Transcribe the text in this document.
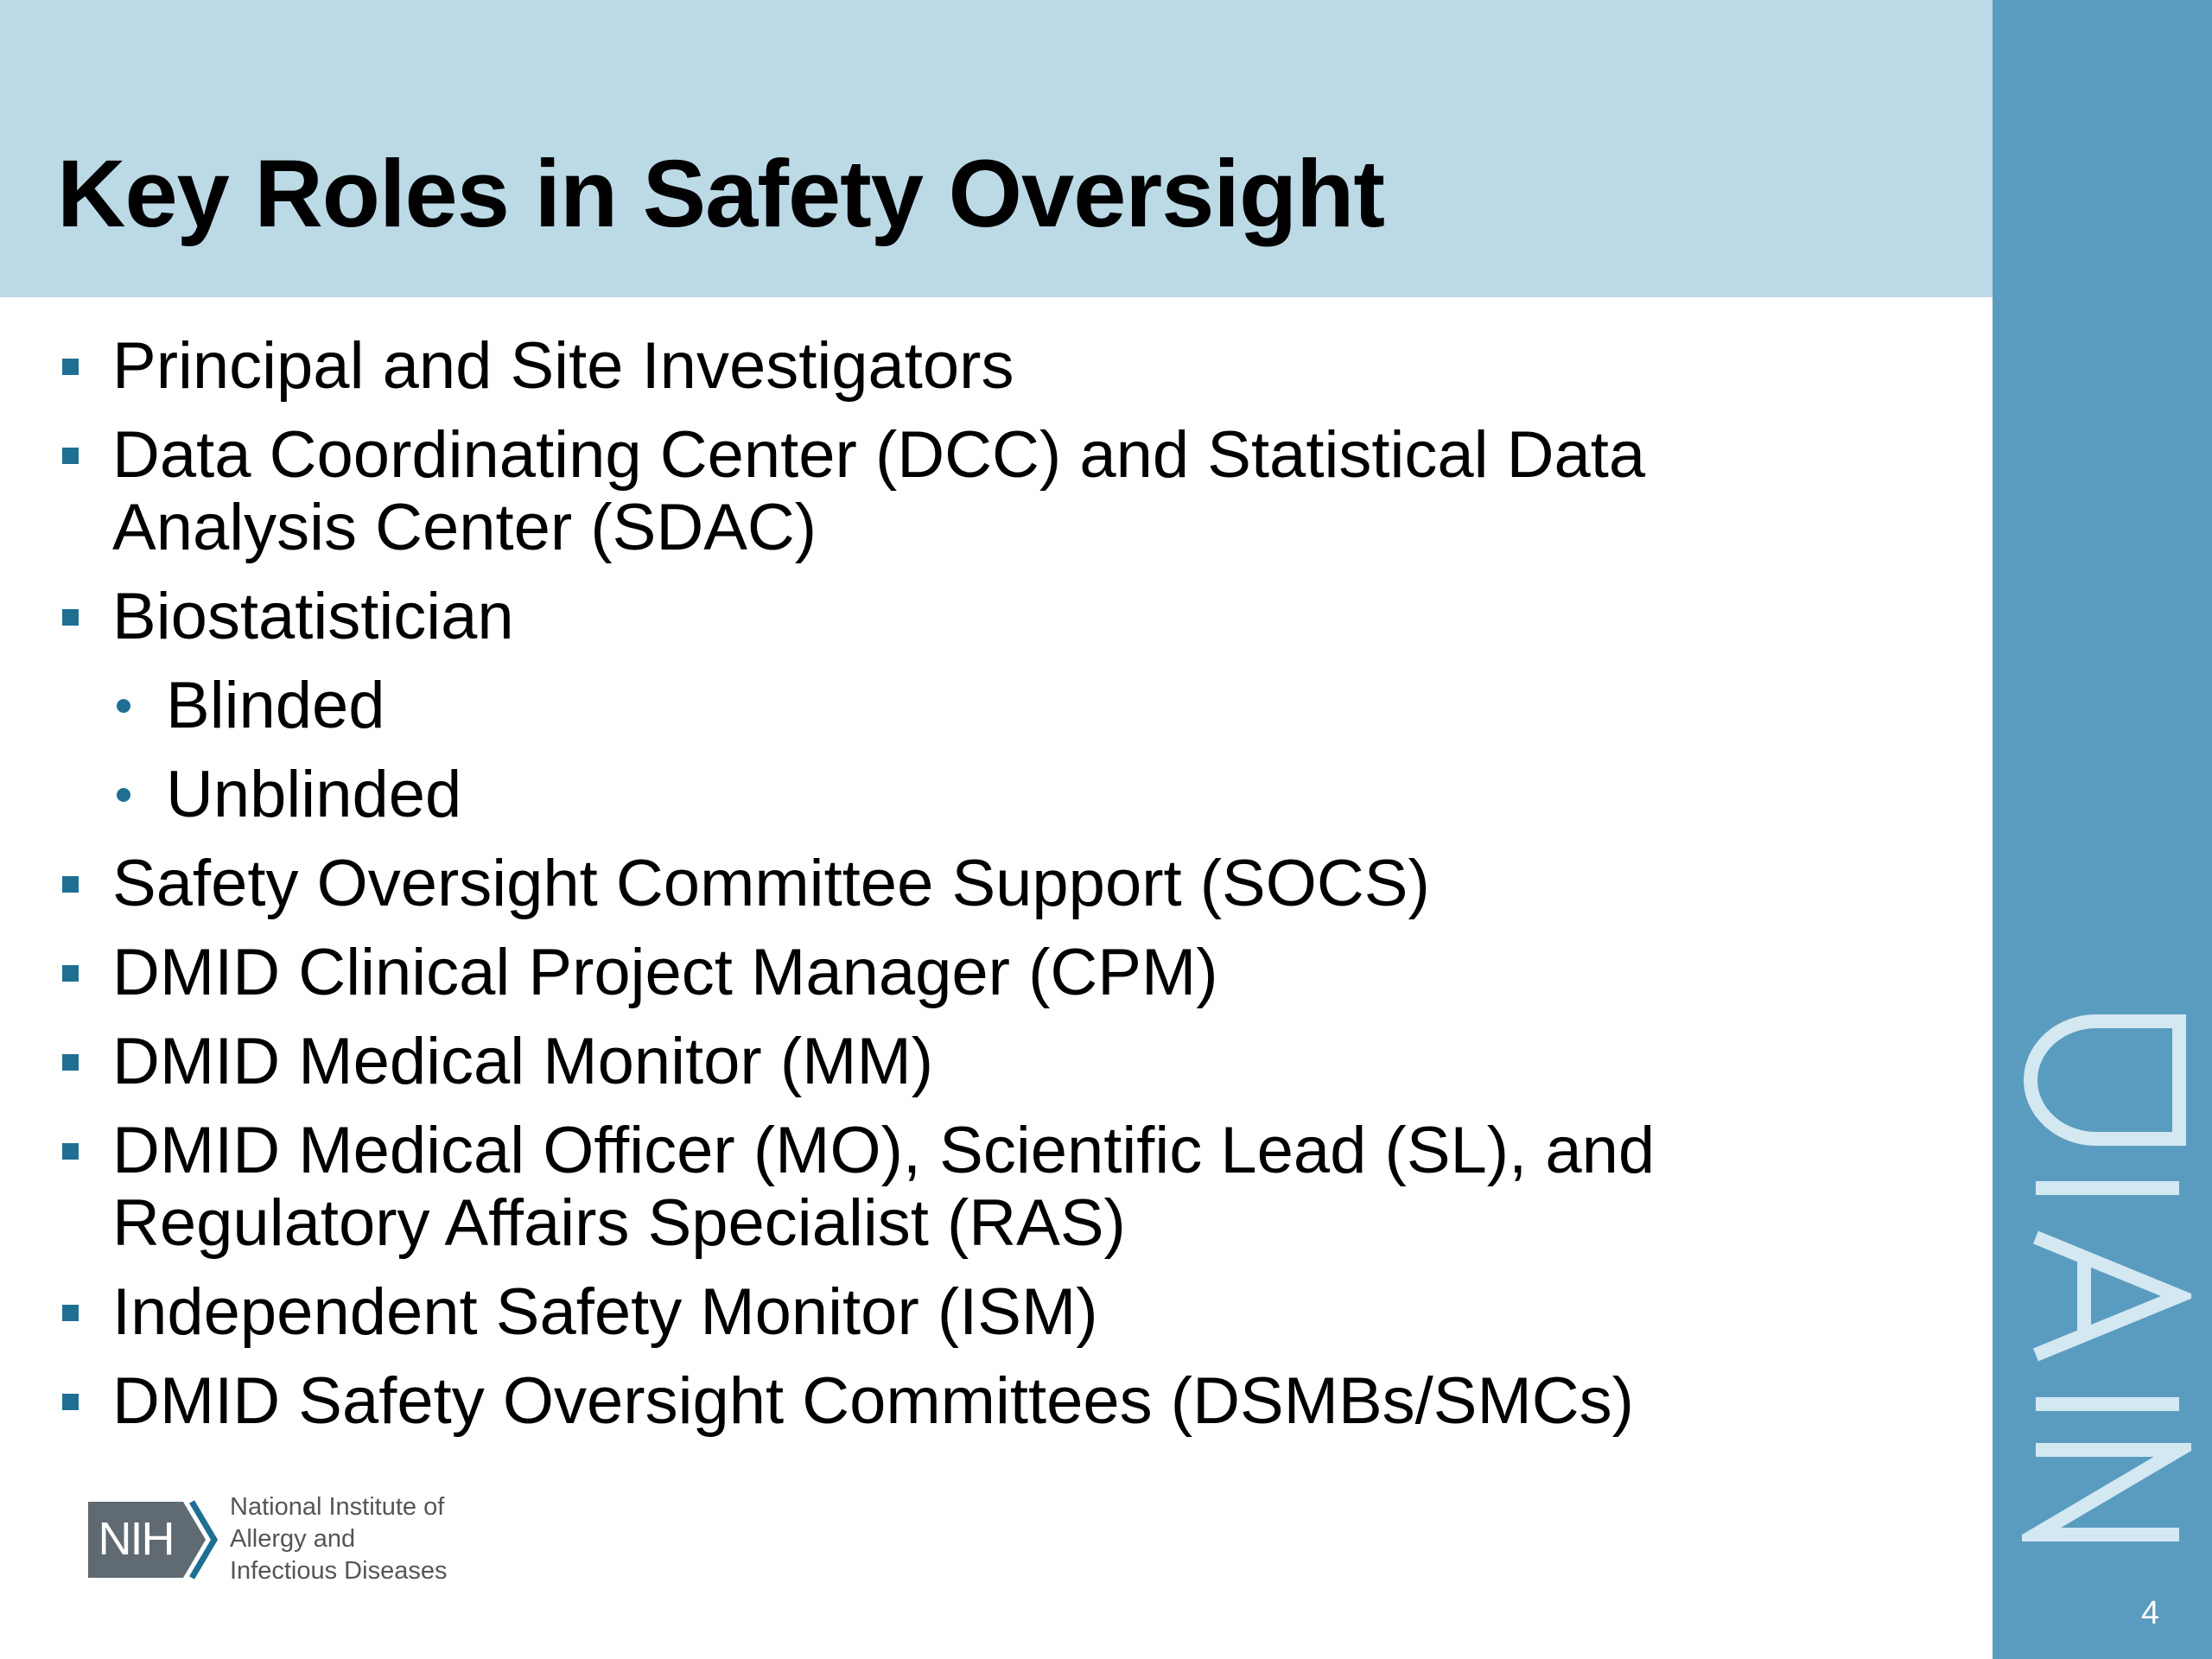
Key Roles in Safety Oversight
4
Principal and Site Investigators
Data Coordinating Center (DCC) and Statistical Data
Analysis Center (SDAC)
Biostatistician
Blinded
Unblinded
Safety Oversight Committee Support (SOCS)
DMID Clinical Project Manager (CPM)
DMID Medical Monitor (MM)
DMID Medical Officer (MO), Scientific Lead (SL), and
Regulatory Affairs Specialist (RAS)
Independent Safety Monitor (ISM)
DMID Safety Oversight Committees (DSMBs/SMCs)
NIH
National Institute of
Allergy and
Infectious Diseases
